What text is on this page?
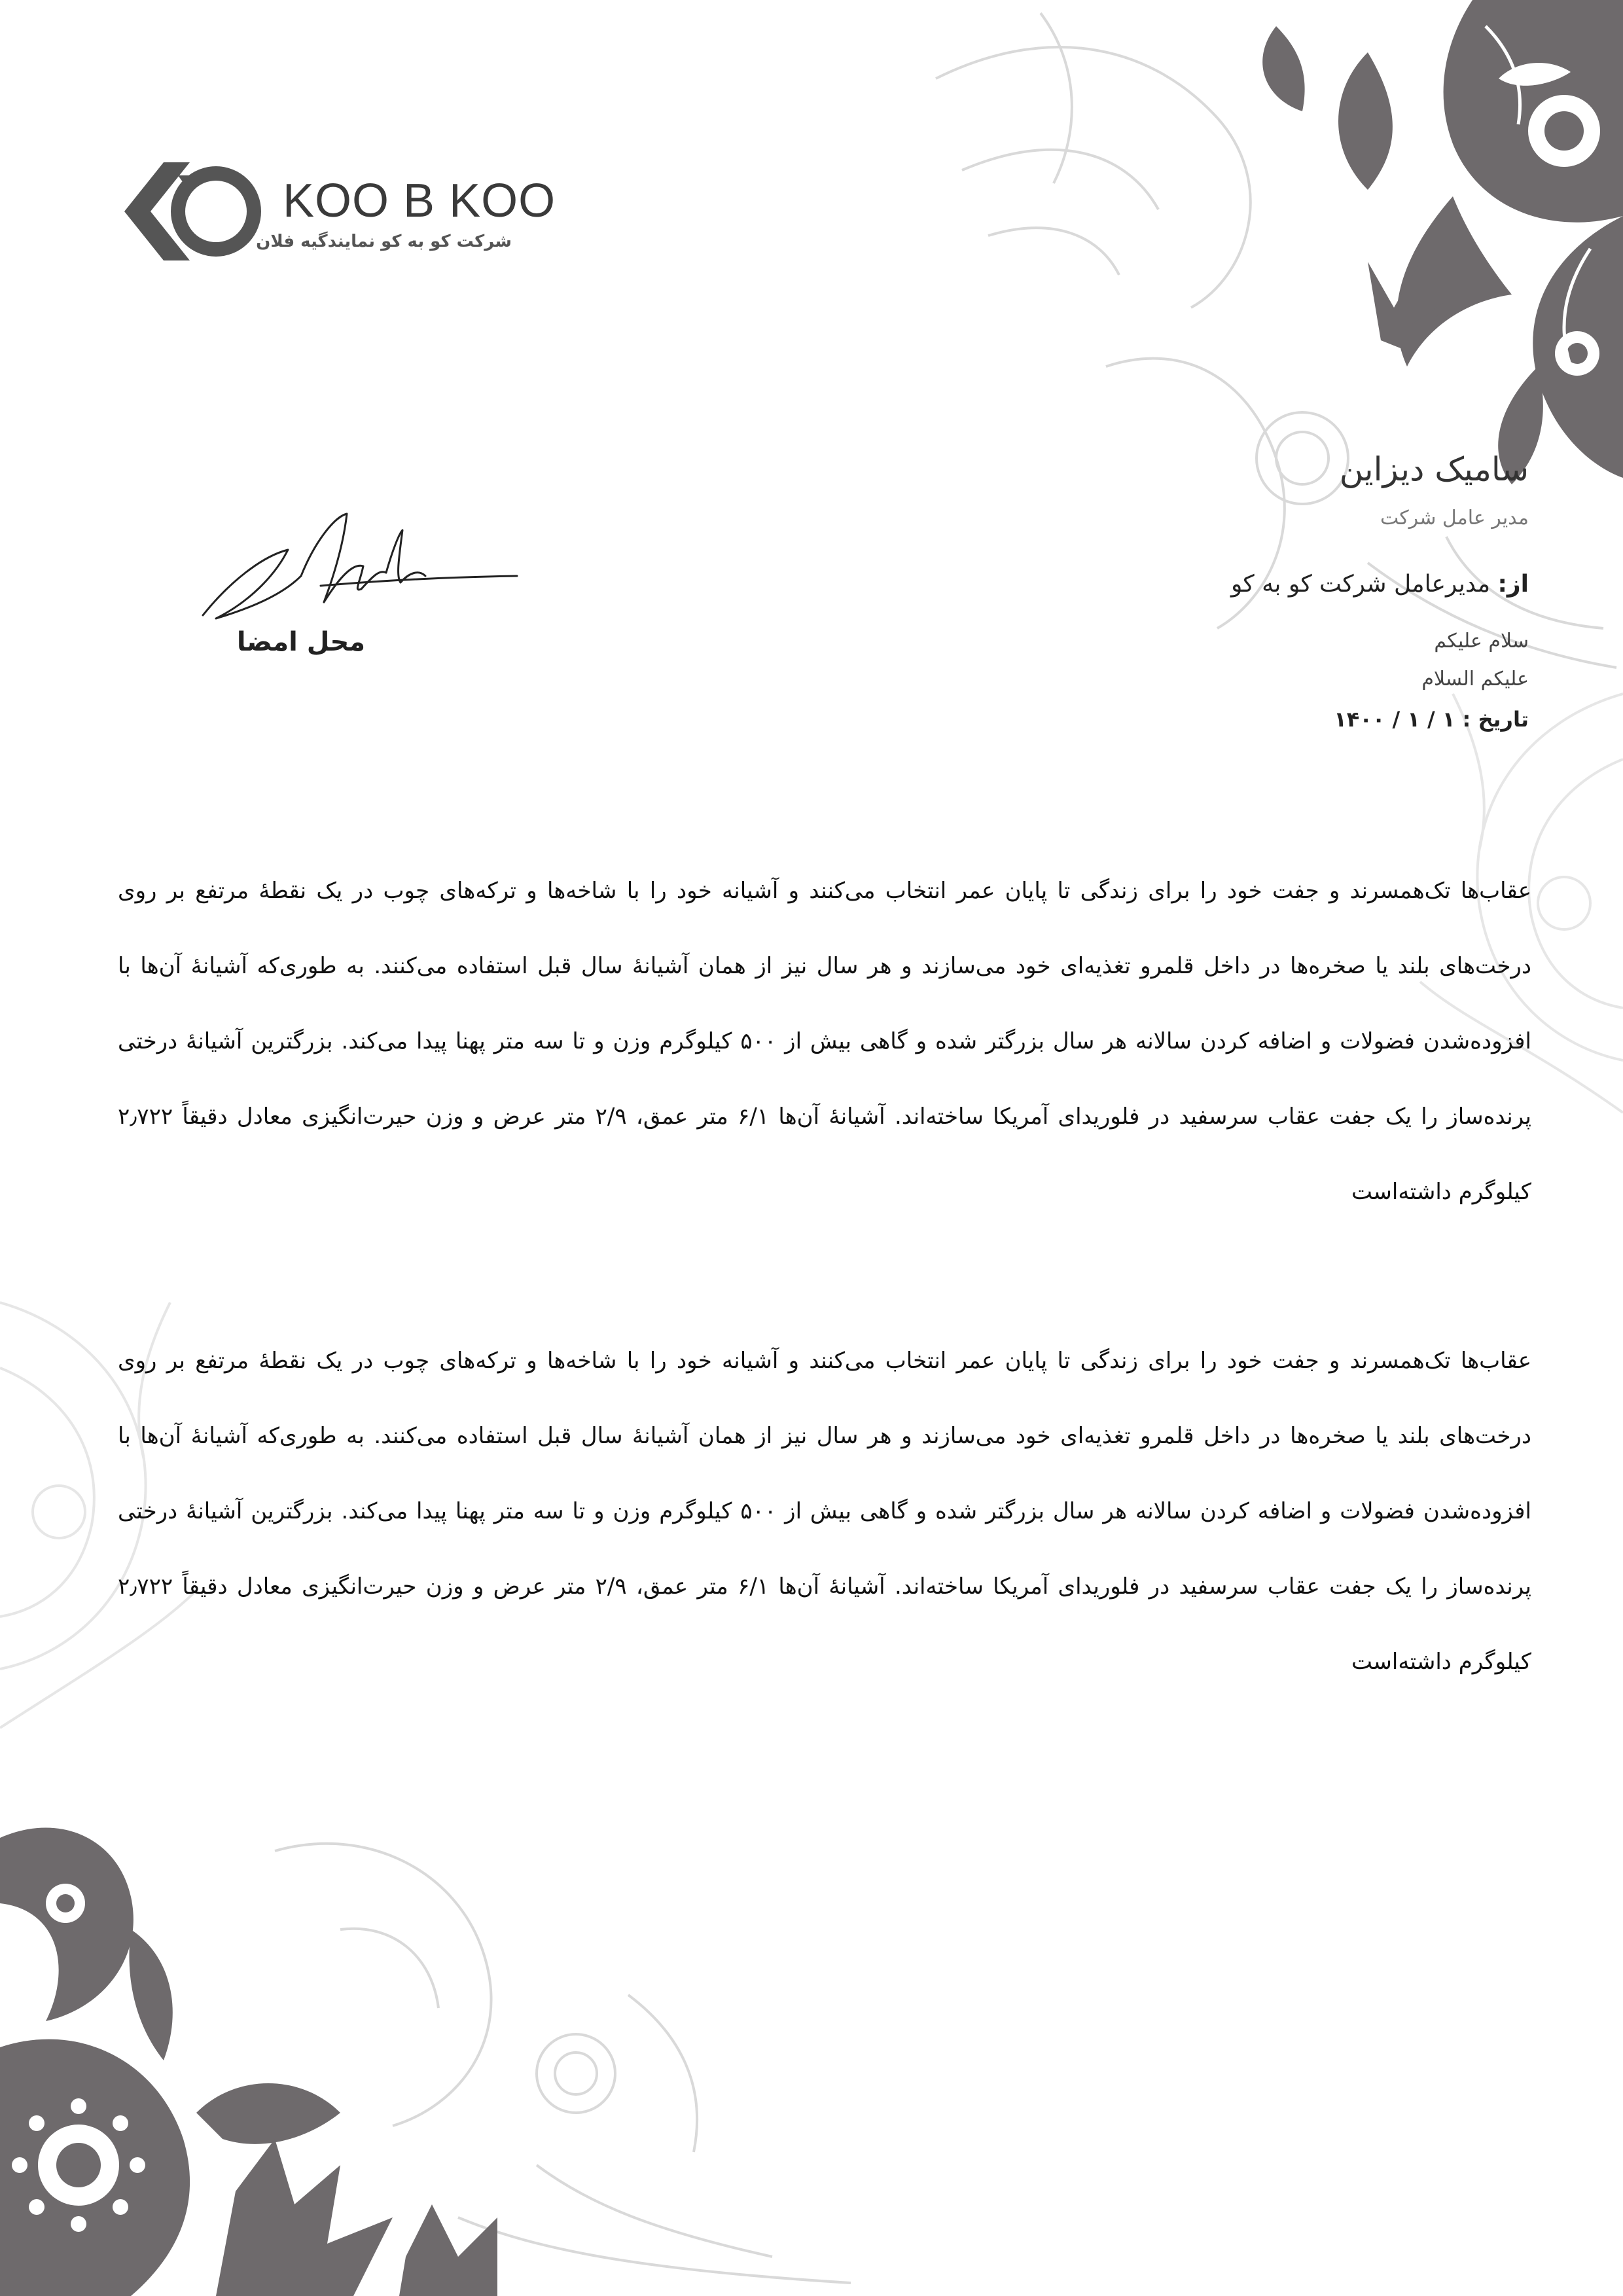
KOO B KOO
شرکت کو به کو نمایندگیه فلان
محل امضا
سامیک دیزاین
مدیر عامل شرکت
از: مدیرعامل شرکت کو به کو
سلام علیکم
علیکم السلام
تاریخ : ۱ / ۱ / ۱۴۰۰

عقاب‌ها تک‌همسرند و جفت خود را برای زندگی تا پایان عمر انتخاب می‌کنند و آشیانه خود را با شاخه‌ها و ترکه‌های چوب در یک نقطهٔ مرتفع بر روی درخت‌های بلند یا صخره‌ها در داخل قلمرو تغذیه‌ای خود می‌سازند و هر سال نیز از همان آشیانهٔ سال قبل استفاده می‌کنند. به طوری‌که آشیانهٔ آن‌ها با افزوده‌شدن فضولات و اضافه کردن سالانه هر سال بزرگتر شده و گاهی بیش از ۵۰۰ کیلوگرم وزن و تا سه متر پهنا پیدا می‌کند. بزرگترین آشیانهٔ درختی پرنده‌ساز را یک جفت عقاب سرسفید در فلوریدای آمریکا ساخته‌اند. آشیانهٔ آن‌ها ۶/۱ متر عمق، ۲/۹ متر عرض و وزن حیرت‌انگیزی معادل دقیقاً ۲٫۷۲۲ کیلوگرم داشته‌است

عقاب‌ها تک‌همسرند و جفت خود را برای زندگی تا پایان عمر انتخاب می‌کنند و آشیانه خود را با شاخه‌ها و ترکه‌های چوب در یک نقطهٔ مرتفع بر روی درخت‌های بلند یا صخره‌ها در داخل قلمرو تغذیه‌ای خود می‌سازند و هر سال نیز از همان آشیانهٔ سال قبل استفاده می‌کنند. به طوری‌که آشیانهٔ آن‌ها با افزوده‌شدن فضولات و اضافه کردن سالانه هر سال بزرگتر شده و گاهی بیش از ۵۰۰ کیلوگرم وزن و تا سه متر پهنا پیدا می‌کند. بزرگترین آشیانهٔ درختی پرنده‌ساز را یک جفت عقاب سرسفید در فلوریدای آمریکا ساخته‌اند. آشیانهٔ آن‌ها ۶/۱ متر عمق، ۲/۹ متر عرض و وزن حیرت‌انگیزی معادل دقیقاً ۲٫۷۲۲ کیلوگرم داشته‌است
